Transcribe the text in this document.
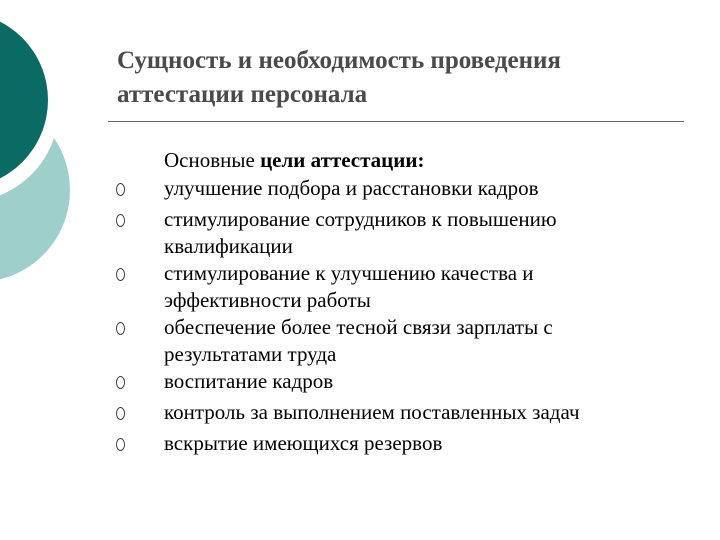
Сущность и необходимость проведения
аттестации персонала
Основные цели аттестации:
улучшение подбора и расстановки кадров
стимулирование сотрудников к повышению
квалификации
стимулирование к улучшению качества и
эффективности работы
обеспечение более тесной связи зарплаты с
результатами труда
воспитание кадров
контроль за выполнением поставленных задач
вскрытие имеющихся резервов
